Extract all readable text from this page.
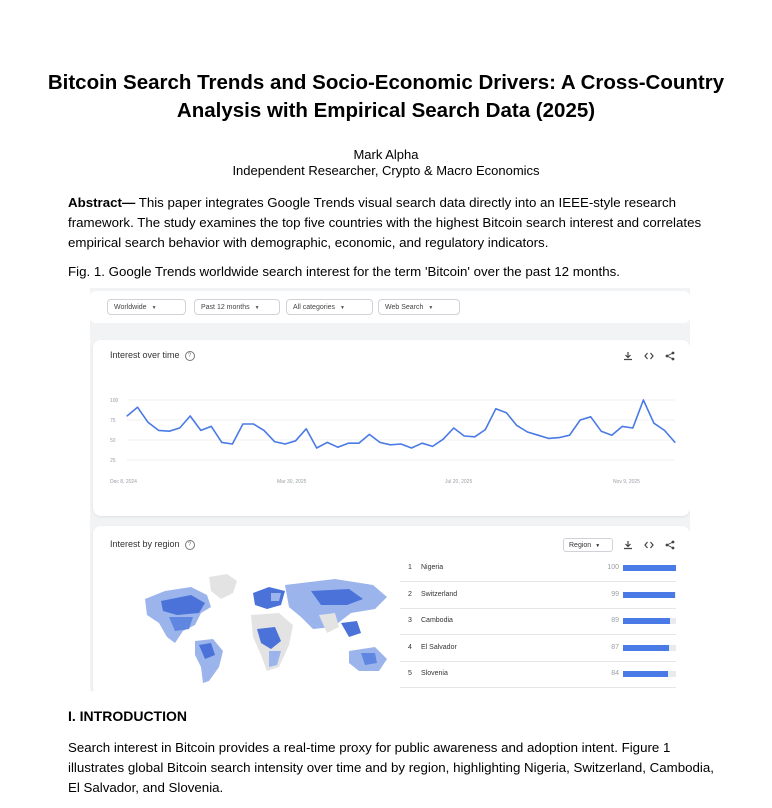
Bitcoin Search Trends and Socio-Economic Drivers: A Cross-Country Analysis with Empirical Search Data (2025)
Mark Alpha
Independent Researcher, Crypto & Macro Economics
Abstract— This paper integrates Google Trends visual search data directly into an IEEE-style research framework. The study examines the top five countries with the highest Bitcoin search interest and correlates empirical search behavior with demographic, economic, and regulatory indicators.
Fig. 1. Google Trends worldwide search interest for the term 'Bitcoin' over the past 12 months.
Worldwide ▼	Past 12 months ▼	All categories ▼	Web Search ▼
Interest over time ?
100
75
50
25
Dec 8, 2024	Mar 30, 2025	Jul 20, 2025	Nov 9, 2025
Interest by region ?	Region ▼
1 Nigeria	100
2 Switzerland	99
3 Cambodia	89
4 El Salvador	87
5 Slovenia	84
I. INTRODUCTION
Search interest in Bitcoin provides a real-time proxy for public awareness and adoption intent. Figure 1 illustrates global Bitcoin search intensity over time and by region, highlighting Nigeria, Switzerland, Cambodia, El Salvador, and Slovenia.
